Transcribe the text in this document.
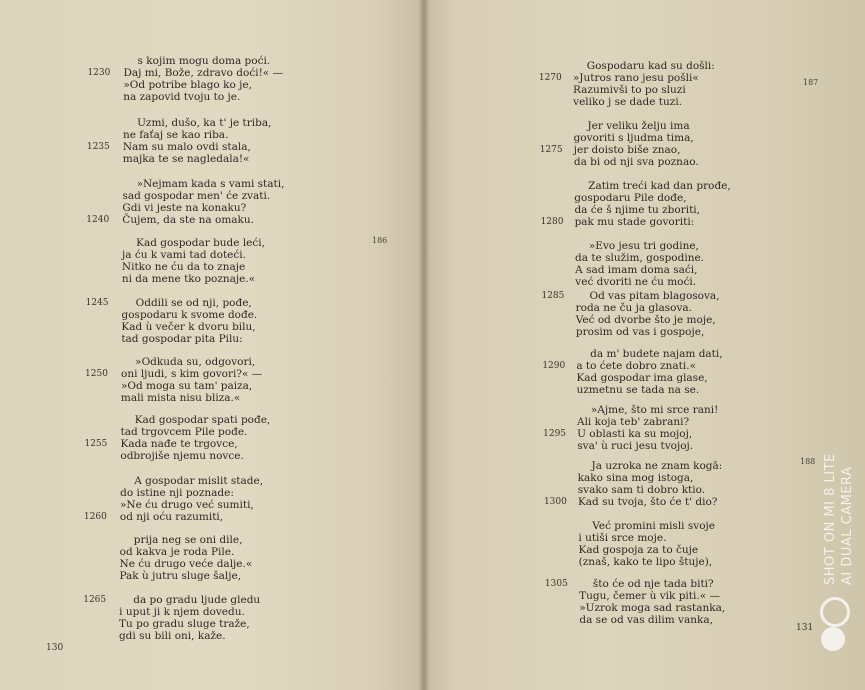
s kojim mogu doma poći.
Daj mi, Bože, zdravo doći!« —
1230
»Od potribe blago ko je,
na zapovid tvoju to je.
Uzmi, dušo, ka t' je triba,
ne faťaj se kao riba.
Nam su malo ovdi stala,
1235
majka te se nagledala!«
»Nejmam kada s vami stati,
sad gospodar men' će zvati.
Gdi vi jeste na konaku?
Čujem, da ste na omaku.
1240
Kad gospodar bude leći,
ja ću k vami tad doteći.
Nitko ne ću da to znaje
ni da mene tko poznaje.«
Oddili se od nji, pođe,
1245
gospodaru k svome dođe.
Kad ù večer k dvoru bilu,
tad gospodar pita Pilu:
»Odkuda su, odgovori,
oni ljudi, s kim govori?« —
1250
»Od moga su tam' paiza,
mali mista nisu bliza.«
Kad gospodar spati pođe,
tad trgovcem Pile pođe.
Kada nađe te trgovce,
1255
odbrojiše njemu novce.
A gospodar mislit stade,
do istine nji poznade:
»Ne ću drugo već sumiti,
od nji oću razumiti,
1260
prija neg se oni dile,
od kakva je roda Pile.
Ne ću drugo veće dalje.«
Pak ù jutru sluge šalje,
da po gradu ljude gledu
1265
i uput ji k njem dovedu.
Tu po gradu sluge traže,
gdi su bili oni, kaže.
186
130
Gospodaru kad su došli:
»Jutros rano jesu pošli«
1270
Razumivši to po sluzi
veliko j se dade tuzi.
Jer veliku želju ima
govoriti s ljudma tima,
jer doisto biše znao,
1275
da bi od nji sva poznao.
Zatim treći kad dan prođe,
gospodaru Pile dođe,
da će š njime tu zboriti,
pak mu stade govoriti:
1280
»Evo jesu tri godine,
da te služim, gospodine.
A sad imam doma saći,
već dvoriti ne ću moći.
Od vas pitam blagosova,
1285
roda ne ču ja glasova.
Već od dvorbe što je moje,
prosim od vas i gospoje,
da m' budete najam dati,
a to ćete dobro znati.«
1290
Kad gospodar ima glase,
uzmetnu se tada na se.
»Ajme, što mi srce rani!
Ali koja teb' zabrani?
U oblasti ka su mojoj,
1295
sva' ù ruci jesu tvojoj.
Ja uzroka ne znam kogā:
kako sina mog istoga,
svako sam ti dobro ktio.
Kad su tvoja, što će t' dio?
1300
Već promini misli svoje
i utiši srce moje.
Kad gospoja za to čuje
(znaš, kako te lipo štuje),
što će od nje tada biti?
1305
Tugu, čemer ù vik piti.« —
»Uzrok moga sad rastanka,
da se od vas dilim vanka,
187
188
131
SHOT ON MI 8 LITE AI DUAL CAMERA
